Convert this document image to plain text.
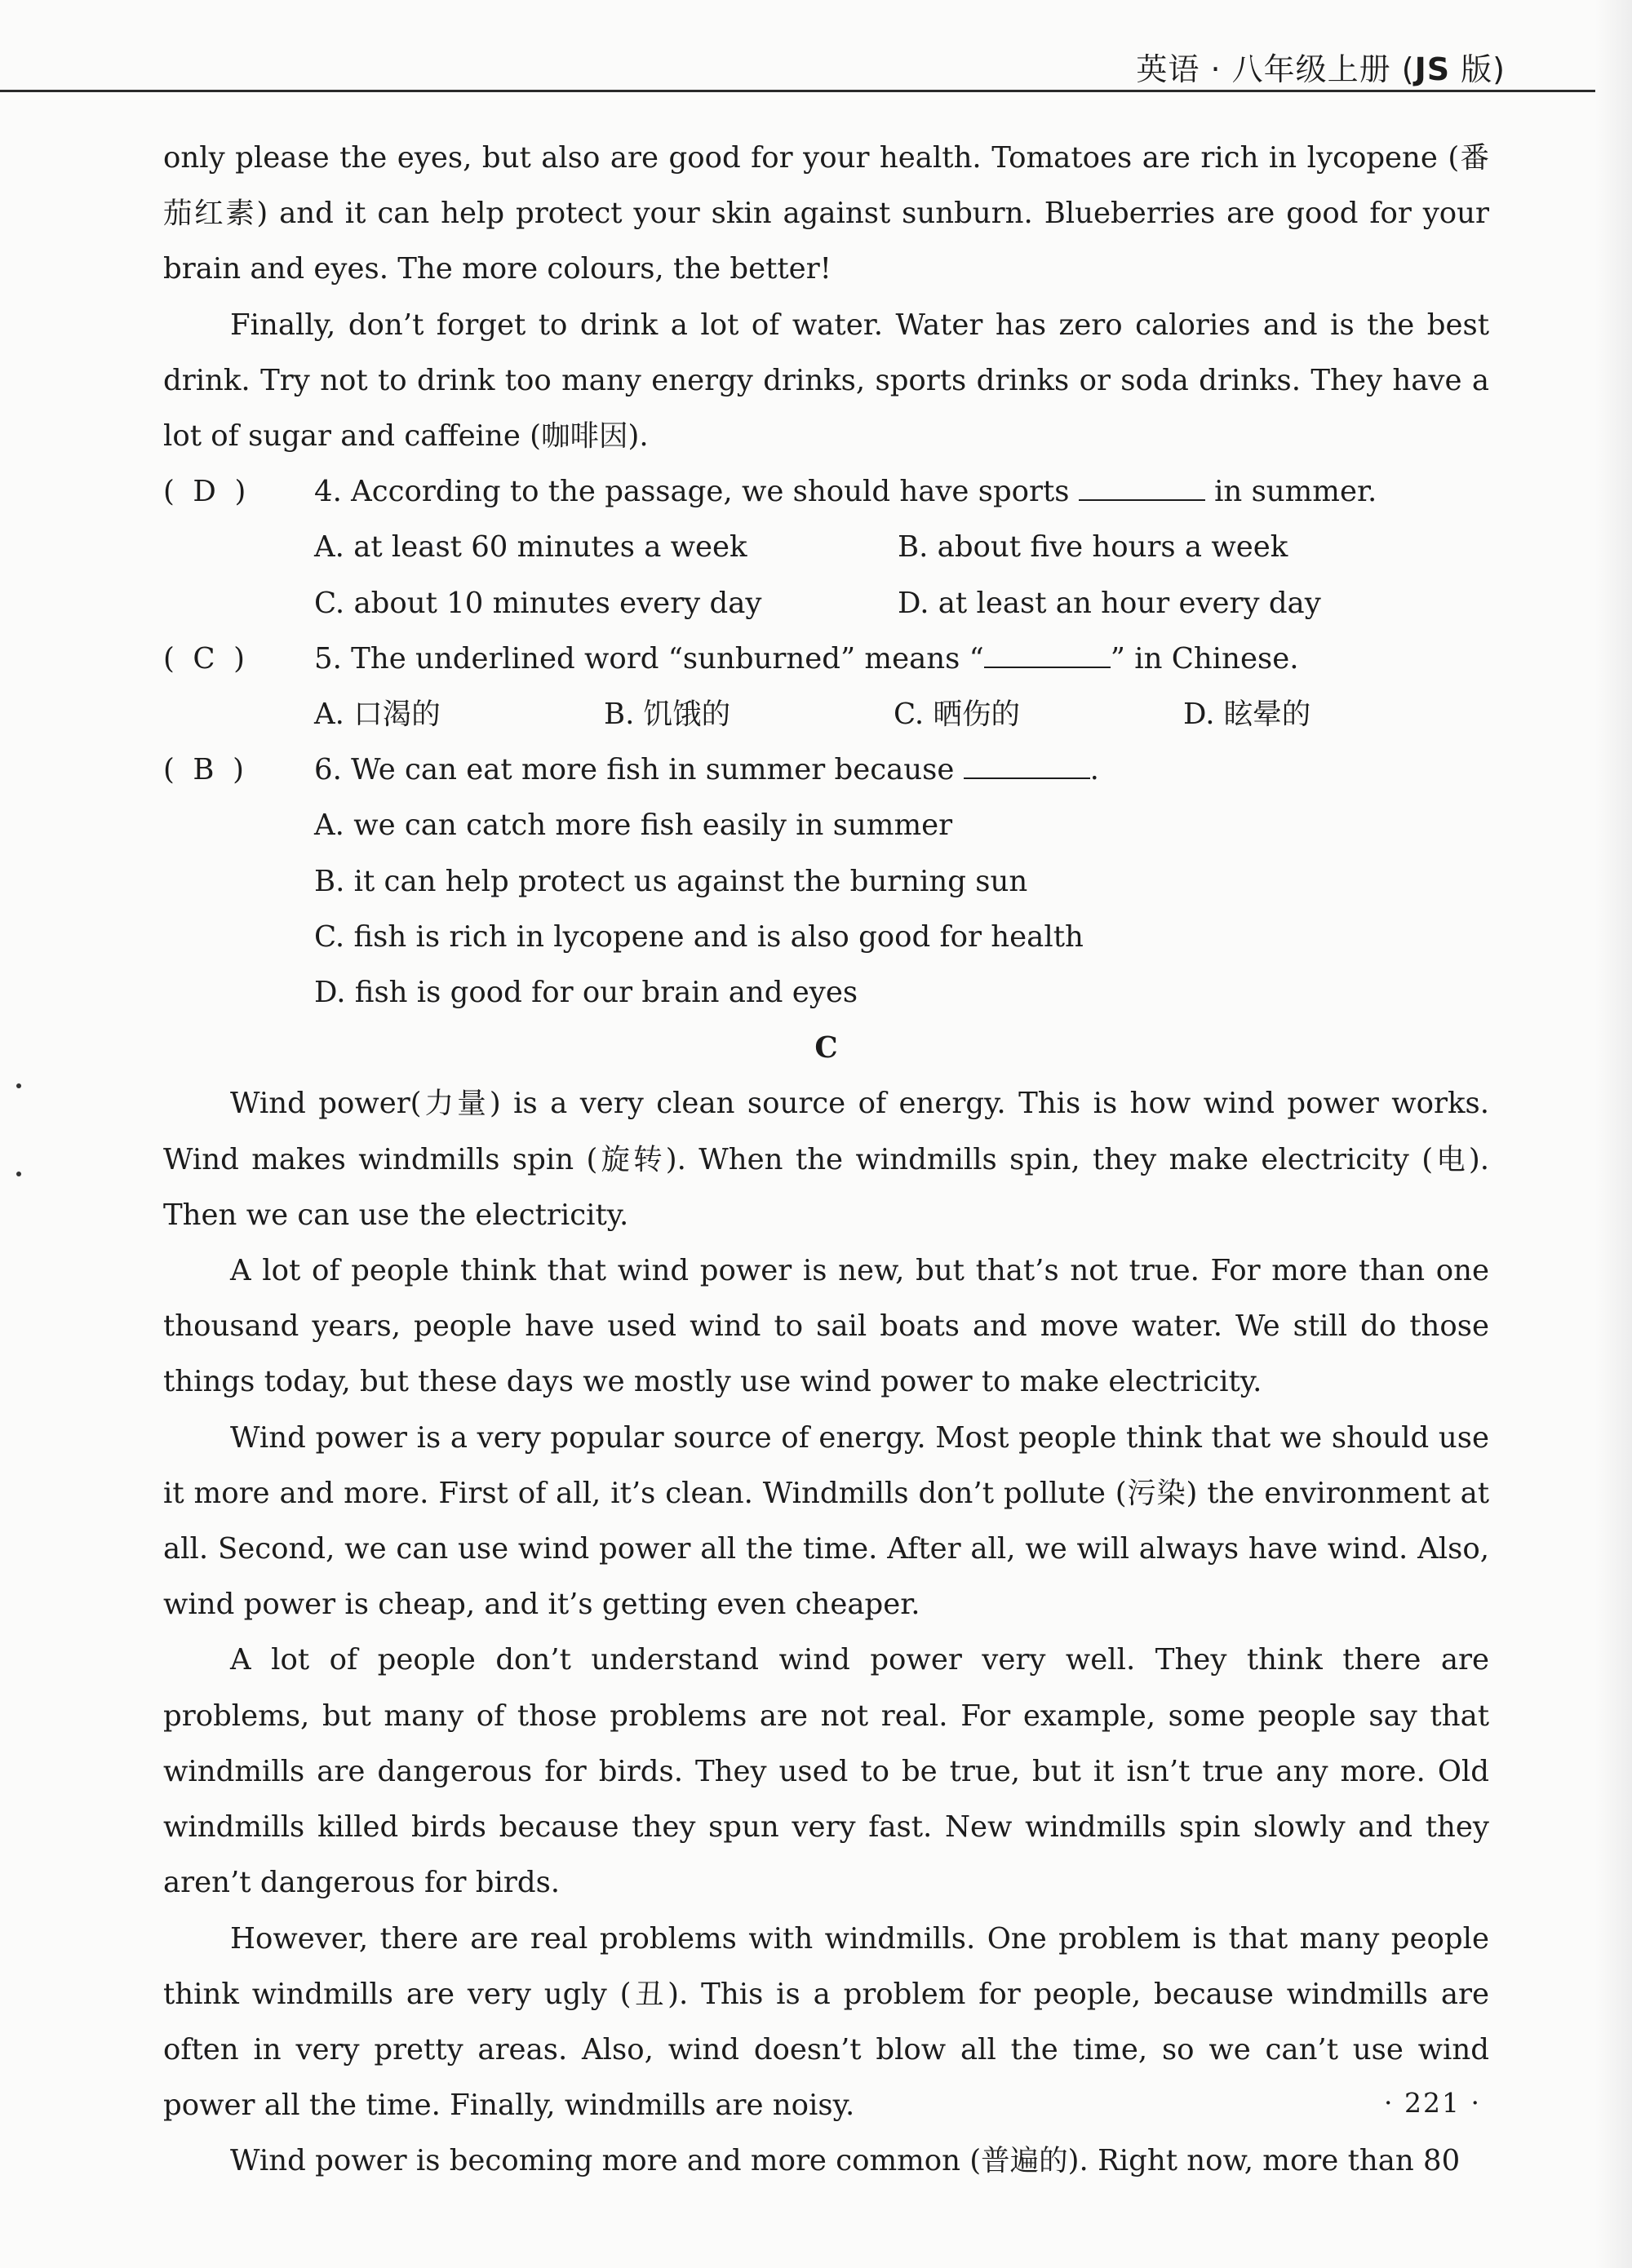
英语 · 八年级上册 (JS 版)

only please the eyes, but also are good for your health. Tomatoes are rich in lycopene (番茄红素) and it can help protect your skin against sunburn. Blueberries are good for your brain and eyes. The more colours, the better!

Finally, don’t forget to drink a lot of water. Water has zero calories and is the best drink. Try not to drink too many energy drinks, sports drinks or soda drinks. They have a lot of sugar and caffeine (咖啡因).

(  D  ) 4. According to the passage, we should have sports	in summer.

A. at least 60 minutes a week	B. about five hours a week
C. about 10 minutes every day	D. at least an hour every day

(  C  ) 5. The underlined word “sunburned” means “	” in Chinese.

A. 口渴的	B. 饥饿的	C. 晒伤的	D. 眩晕的

(  B  ) 6. We can eat more fish in summer because	.

A. we can catch more fish easily in summer

B. it can help protect us against the burning sun

C. fish is rich in lycopene and is also good for health

D. fish is good for our brain and eyes

C

Wind power(力量) is a very clean source of energy. This is how wind power works. Wind makes windmills spin (旋转). When the windmills spin, they make electricity (电). Then we can use the electricity.

A lot of people think that wind power is new, but that’s not true. For more than one thousand years, people have used wind to sail boats and move water. We still do those things today, but these days we mostly use wind power to make electricity.

Wind power is a very popular source of energy. Most people think that we should use it more and more. First of all, it’s clean. Windmills don’t pollute (污染) the environment at all. Second, we can use wind power all the time. After all, we will always have wind. Also, wind power is cheap, and it’s getting even cheaper.

A lot of people don’t understand wind power very well. They think there are problems, but many of those problems are not real. For example, some people say that windmills are dangerous for birds. They used to be true, but it isn’t true any more. Old windmills killed birds because they spun very fast. New windmills spin slowly and they aren’t dangerous for birds.

However, there are real problems with windmills. One problem is that many people think windmills are very ugly (丑). This is a problem for people, because windmills are often in very pretty areas. Also, wind doesn’t blow all the time, so we can’t use wind power all the time. Finally, windmills are noisy.

Wind power is becoming more and more common (普遍的). Right now, more than 80

· 221 ·
